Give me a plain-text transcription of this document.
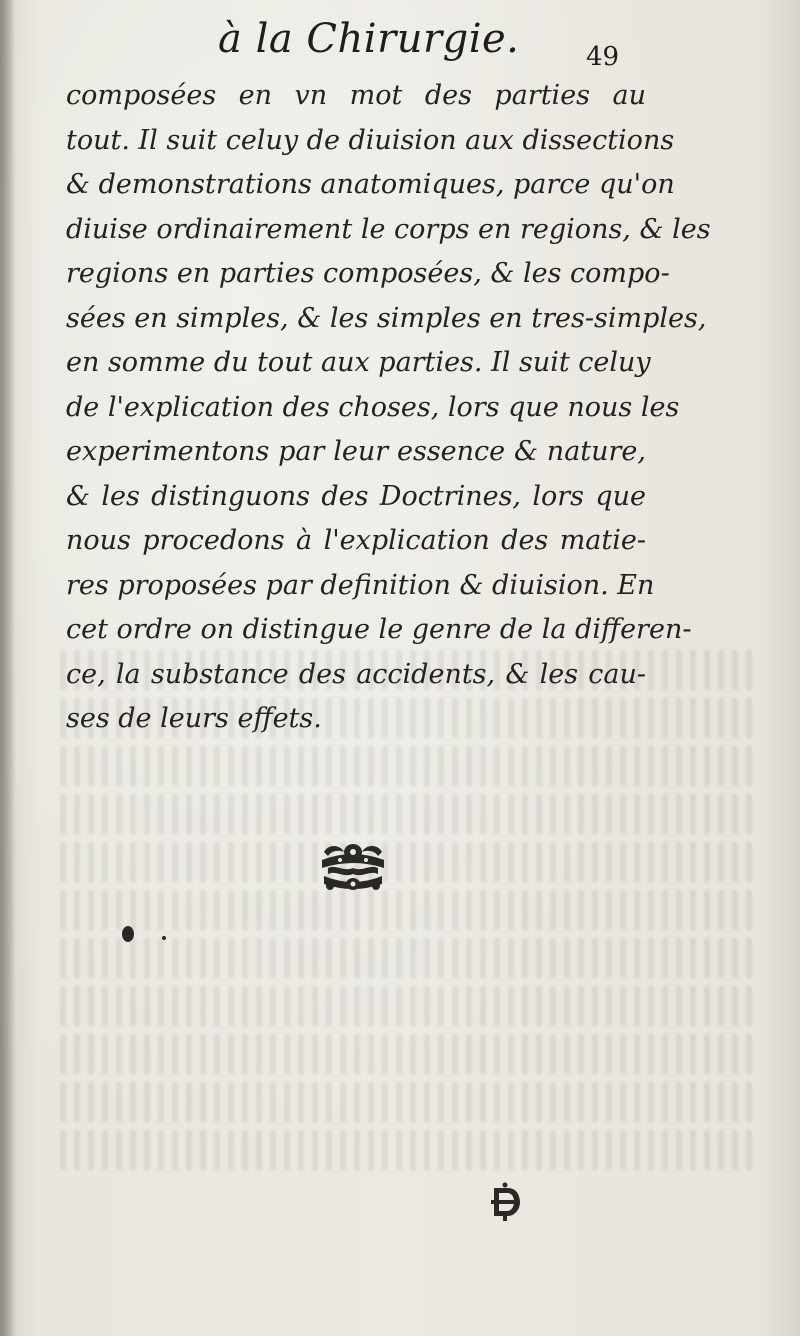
à la Chirurgie.	49
composées en vn mot des parties au
tout. Il suit celuy de diuision aux dissections
& demonstrations anatomiques, parce qu'on
diuise ordinairement le corps en regions, & les
regions en parties composées, & les compo-
sées en simples, & les simples en tres-simples,
en somme du tout aux parties. Il suit celuy
de l'explication des choses, lors que nous les
experimentons par leur essence & nature,
& les distinguons des Doctrines, lors que
nous procedons à l'explication des matie-
res proposées par definition & diuision. En
cet ordre on distingue le genre de la differen-
ce, la substance des accidents, & les cau-
ses de leurs effets.
